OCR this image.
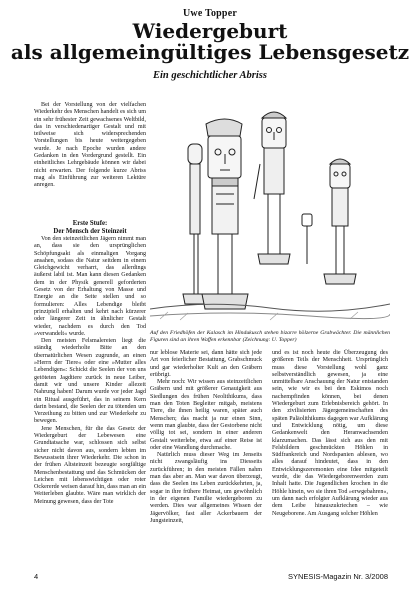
Uwe Topper
Wiedergeburt
als allgemeingültiges Lebensgesetz
Ein geschichtlicher Abriss

Bei der Vorstellung von der vielfachen Wiederkehr des Menschen handelt es sich um ein sehr frühester Zeit gewachsenes Weltbild, das in verschiedenartiger Gestalt und mit teilweise sich widersprechenden Vorstellungen bis heute weitergegeben wurde. Je nach Epoche wurden andere Gedanken in den Vordergrund gestellt. Ein einheitliches Lehrgebäude können wir dabei nicht erwarten. Der folgende kurze Abriss mag als Einführung zur weiteren Lektüre anregen.

Erste Stufe:
Der Mensch der Steinzeit

Von den steinzeitlichen Jägern nimmt man an, dass sie den ursprünglichen Schöpfungsakt als einmaligen Vorgang ansahen, sodass die Natur seitdem in einem Gleichgewicht verharrt, das allerdings äußerst labil ist. Man kann diesen Gedanken dem in der Physik generell geforderten Gesetz von der Erhaltung von Masse und Energie an die Seite stellen und so formulieren: Alles Lebendige bleibt prinzipiell erhalten und kehrt nach kürzerer oder längerer Zeit in ähnlicher Gestalt wieder, nachdem es durch den Tod »verwandelt« wurde.

Den meisten Felsmalereien liegt die ständig wiederholte Bitte an den übernatürlichen Wesen zugrunde, an einen »Herrn der Tiere« oder eine »Mutter alles Lebendigen«: Schickt die Seelen der von uns getöteten Jagdtiere zurück in neue Leiber, damit wir und unsere Kinder allezeit Nahrung haben! Darum wurde vor jeder Jagd ein Ritual ausgeführt, das in seinem Kern darin bestand, die Seelen der zu tötenden um Verzeihung zu bitten und zur Wiederkehr zu bewegen.

Jene Menschen, für die das Gesetz der Wiedergeburt der Lebewesen eine Grundtatsache war, schlossen sich selbst sicher nicht davon aus, sondern lebten im Bewusstsein ihrer Wiederkehr. Die schon in der frühen Altsteinzeit bezeugte sorgfältige Menschenbestattung und das Schmücken der Leichen mit lebenswichtigen oder roter Ockererde weisen darauf hin, dass man an ein Weiterleben glaubte. Wäre man wirklich der Meinung gewesen, dass der Tote

Auf den Friedhöfen der Kalasch im Hindukusch stehen bizarre hölzerne Grabwächter. Die männlichen Figuren sind an ihren Waffen erkennbar (Zeichnung: U. Topper)

nur leblose Materie sei, dann hätte sich jede Art von feierlicher Bestattung, Grabschmuck und gar wiederholter Kult an den Gräbern erübrigt.

Mehr noch: Wir wissen aus steinzeitlichen Gräbern und mit größerer Genauigkeit aus Siedlungen des frühen Neolithikums, dass man den Toten Begleiter mitgab, meistens Tiere, die ihnen heilig waren, später auch Menschen; das macht ja nur einen Sinn, wenn man glaubte, dass der Gestorbene nicht völlig tot sei, sondern in einer anderen Gestalt weiterlebe, etwa auf einer Reise ist oder eine Wandlung durchmache.

Natürlich muss dieser Weg im Jenseits nicht zwangsläufig ins Diesseits zurückführen; in den meisten Fällen nahm man das aber an. Man war davon überzeugt, dass die Seelen ins Leben zurückkehrten, ja, sogar in ihre frühere Heimat, um gewöhnlich in der eigenen Familie wiedergeboren zu werden. Dies war allgemeines Wissen der Jägervölker, fast aller Ackerbauern der Jungsteinzeit,

und es ist noch heute die Überzeugung des größeren Teils der Menschheit. Ursprünglich muss diese Vorstellung wohl ganz selbstverständlich gewesen, ja eine unmittelbare Anschauung der Natur entstanden sein, wie wir es bei den Eskimos noch nachempfinden können, bei denen Wiedergeburt zum Erlebnisbereich gehört. In den zivilisierten Jägergemeinschaften des späten Paläolithikums dagegen war Aufklärung und Entwicklung nötig, um diese Gedankenwelt den Heranwachsenden klarzumachen. Das lässt sich aus den mit Felsbildern geschmückten Höhlen in Südfrankreich und Nordspanien ablesen, wo alles darauf hindeutet, dass in den Entwicklungszeremonien eine Idee mitgeteilt wurde, die das Wiedergeborenwerden zum Inhalt hatte. Die Jugendlichen krochen in die Höhle hinein, wo sie ihren Tod »erwgebahren«, um dann nach erfolgter Aufklärung wieder aus dem Leibe hinauszukriechen – wie Neugeborene. Am Ausgang solcher Höhlen

4	SYNESIS-Magazin Nr. 3/2008
